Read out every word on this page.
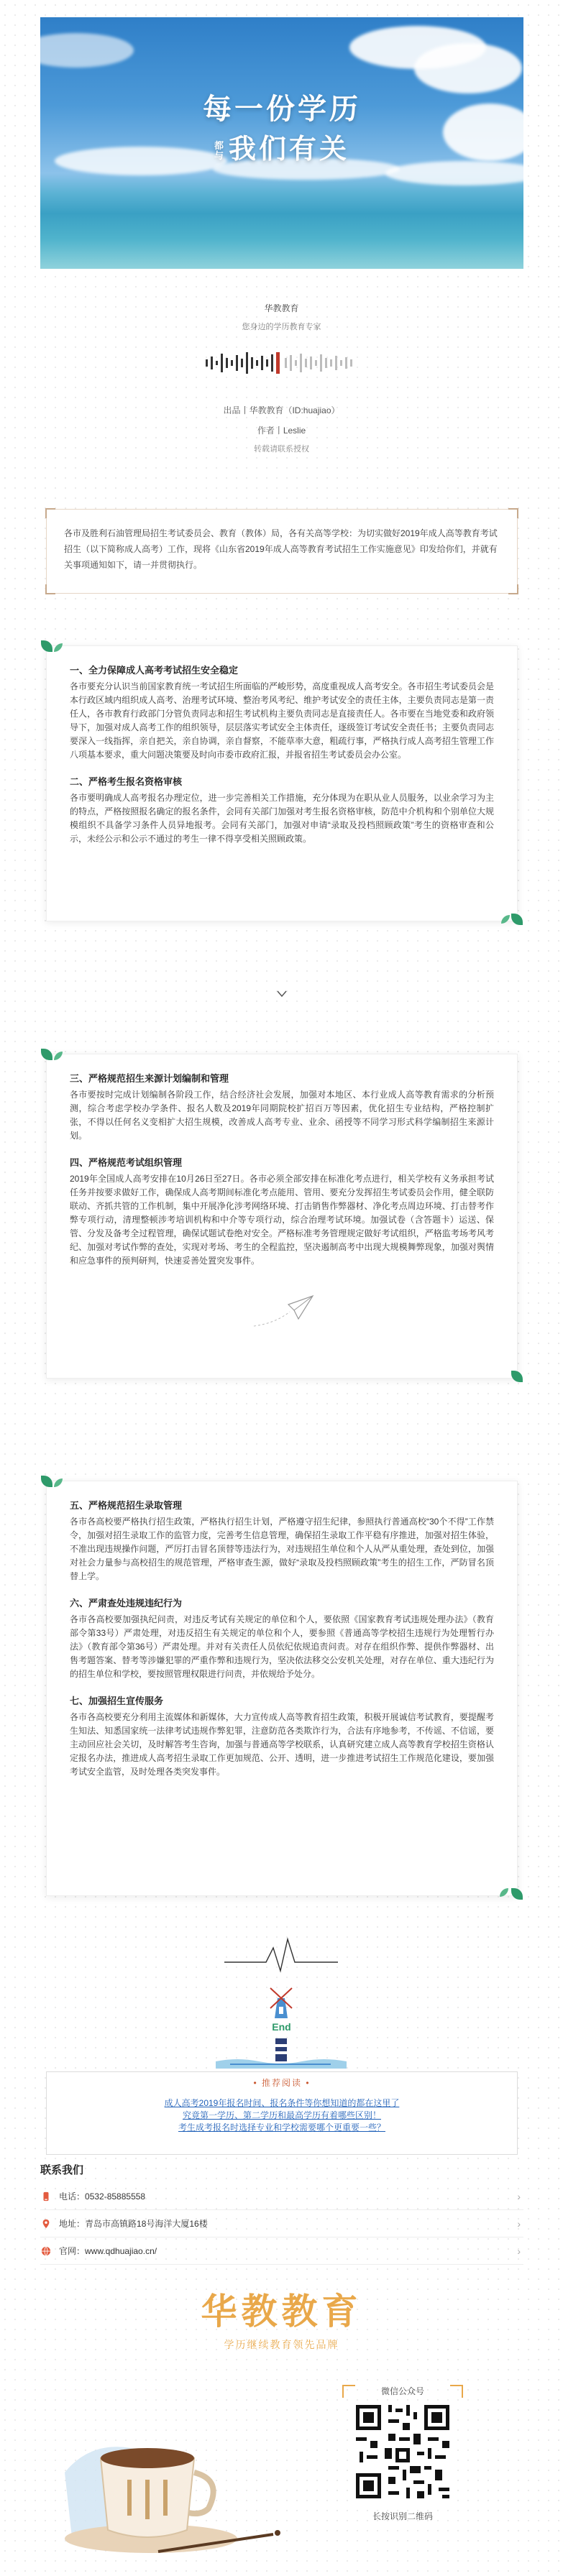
每一份学历
都与 我们有关
华教教育
您身边的学历教育专家
出品丨华教教育（ID:huajiao）
作者丨Leslie
转载请联系授权
各市及胜利石油管理局招生考试委员会、教育（教体）局，各有关高等学校：为切实做好2019年成人高等教育考试招生（以下简称成人高考）工作，现将《山东省2019年成人高等教育考试招生工作实施意见》印发给你们，并就有关事项通知如下，请一并贯彻执行。
一、全力保障成人高考考试招生安全稳定

各市要充分认识当前国家教育统一考试招生所面临的严峻形势，高度重视成人高考安全。各市招生考试委员会是本行政区域内组织成人高考、治理考试环境、整治考风考纪、维护考试安全的责任主体，主要负责同志是第一责任人，各市教育行政部门分管负责同志和招生考试机构主要负责同志是直接责任人。各市要在当地党委和政府领导下，加强对成人高考工作的组织领导，层层落实考试安全主体责任，逐级签订考试安全责任书；主要负责同志要深入一线指挥，亲自把关，亲自协调，亲自督察，不能草率大意，粗疏行事，严格执行成人高考招生管理工作八项基本要求，重大问题决策要及时向市委市政府汇报，并报省招生考试委员会办公室。

二、严格考生报名资格审核

各市要明确成人高考报名办理定位，进一步完善相关工作措施，充分体现为在职从业人员服务，以业余学习为主的特点，严格按照报名确定的报名条件，会同有关部门加强对考生报名资格审核，防范中介机构和个别单位大规模组织不具备学习条件人员异地报考。会同有关部门，加强对申请“录取及投档照顾政策”考生的资格审查和公示，未经公示和公示不通过的考生一律不得享受相关照顾政策。

三、严格规范招生来源计划编制和管理

各市要按时完成计划编制各阶段工作，结合经济社会发展，加强对本地区、本行业成人高等教育需求的分析预测，综合考虑学校办学条件、报名人数及2019年同期院校扩招百万等因素，优化招生专业结构，严格控制扩张，不得以任何名义变相扩大招生规模，改善成人高考专业、业余、函授等不同学习形式科学编制招生来源计划。

四、严格规范考试组织管理

2019年全国成人高考安排在10月26日至27日。各市必须全部安排在标准化考点进行，相关学校有义务承担考试任务并按要求做好工作，确保成人高考期间标准化考点能用、管用、要充分发挥招生考试委员会作用，健全联防联动、齐抓共管的工作机制，集中开展净化涉考网络环境、打击销售作弊器材、净化考点周边环境、打击替考作弊专项行动，清理整顿涉考培训机构和中介等专项行动，综合治理考试环境。加强试卷（含答题卡）运送、保管、分发及备考全过程管理，确保试题试卷绝对安全。严格标准考务管理规定做好考试组织，严格监考场考风考纪、加强对考试作弊的查处，实现对考场、考生的全程监控，坚决遏制高考中出现大规模舞弊现象，加强对舆情和应急事件的预判研判，快速妥善处置突发事件。

五、严格规范招生录取管理

各市各高校要严格执行招生政策，严格执行招生计划，严格遵守招生纪律，参照执行普通高校“30个不得”工作禁令，加强对招生录取工作的监管力度，完善考生信息管理，确保招生录取工作平稳有序推进，加强对招生体验，不准出现违规操作问题，严厉打击冒名顶替等违法行为，对违规招生单位和个人从严从重处理，查处到位，加强对社会力量参与高校招生的规范管理，严格审查生源，做好“录取及投档照顾政策”考生的招生工作，严防冒名顶替上学。

六、严肃查处违规违纪行为

各市各高校要加强执纪问责，对违反考试有关规定的单位和个人，要依照《国家教育考试违规处理办法》（教育部令第33号）严肃处理，对违反招生有关规定的单位和个人，要参照《普通高等学校招生违规行为处理暂行办法》（教育部令第36号）严肃处理。并对有关责任人员依纪依规追责问责。对存在组织作弊、提供作弊器材、出售考题答案、替考等涉嫌犯罪的严重作弊和违规行为，坚决依法移交公安机关处理，对存在单位、重大违纪行为的招生单位和学校，要按照管理权限进行问责，并依规给予处分。

七、加强招生宣传服务

各市各高校要充分利用主流媒体和新媒体，大力宣传成人高等教育招生政策，积极开展诚信考试教育，要提醒考生知法、知悉国家统一法律考试违规作弊犯罪，注意防范各类欺诈行为，合法有序地参考，不传谣、不信谣，要主动回应社会关切，及时解答考生咨询，加强与普通高等学校联系，认真研究建立成人高等教育学校招生资格认定报名办法，推进成人高考招生录取工作更加规范、公开、透明，进一步推进考试招生工作规范化建设，要加强考试安全监管，及时处理各类突发事件。

End
• 推荐阅读 •
成人高考2019年报名时间、报名条件等你想知道的都在这里了
究竟第一学历、第二学历和最高学历有着哪些区别！
考生成考报名时选择专业和学校需要哪个更重要一些？
联系我们
电话： 0532-85885558	›
地址： 青岛市高镇路18号海洋大厦16楼	›
官网： www.qdhuajiao.cn/	›
华教教育
学历继续教育领先品牌
微信公众号
长按识别二维码
